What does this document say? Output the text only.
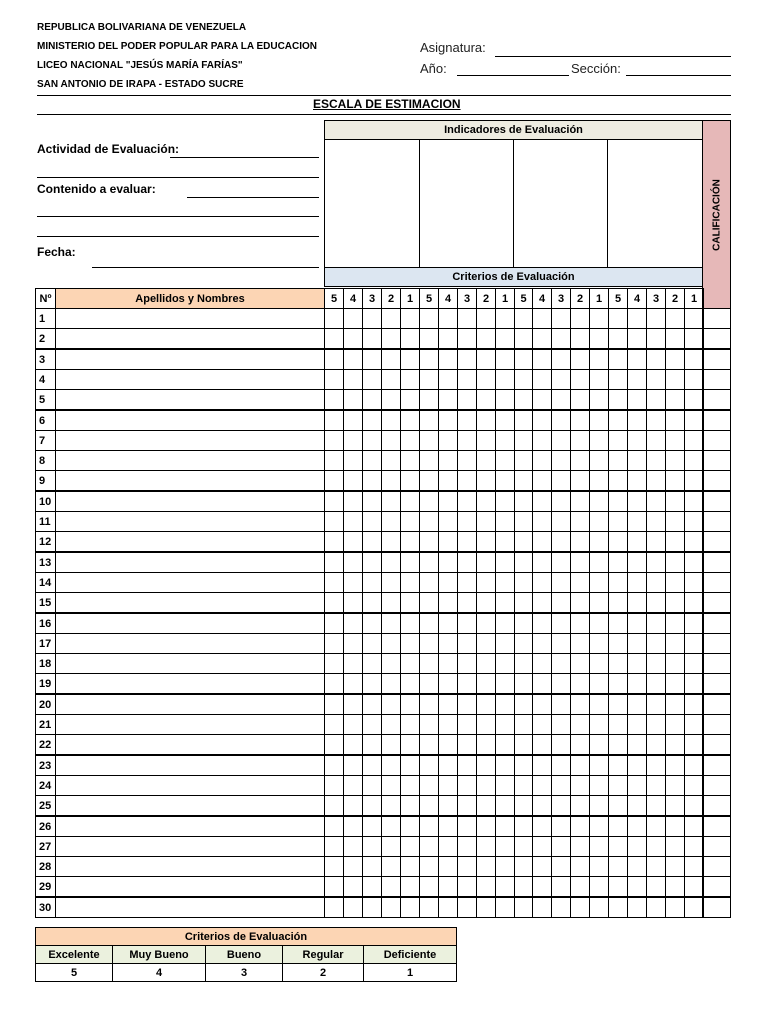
REPUBLICA BOLIVARIANA DE VENEZUELA
MINISTERIO DEL PODER POPULAR PARA LA EDUCACION
LICEO NACIONAL "JESÚS MARÍA FARÍAS"
SAN ANTONIO DE IRAPA - ESTADO SUCRE
Asignatura:
Año:	Sección:
ESCALA DE ESTIMACION
Actividad de Evaluación:
Contenido a evaluar:
Fecha:
Indicadores de Evaluación
Criterios de Evaluación
CALIFICACIÓN
Nº	Apellidos y Nombres	5	4	3	2	1	5	4	3	2	1	5	4	3	2	1	5	4	3	2	1
1
2
3
4
5
6
7
8
9
10
11
12
13
14
15
16
17
18
19
20
21
22
23
24
25
26
27
28
29
30
Criterios de Evaluación				
Excelente	Muy Bueno	Bueno	Regular	Deficiente
5	4	3	2	1
